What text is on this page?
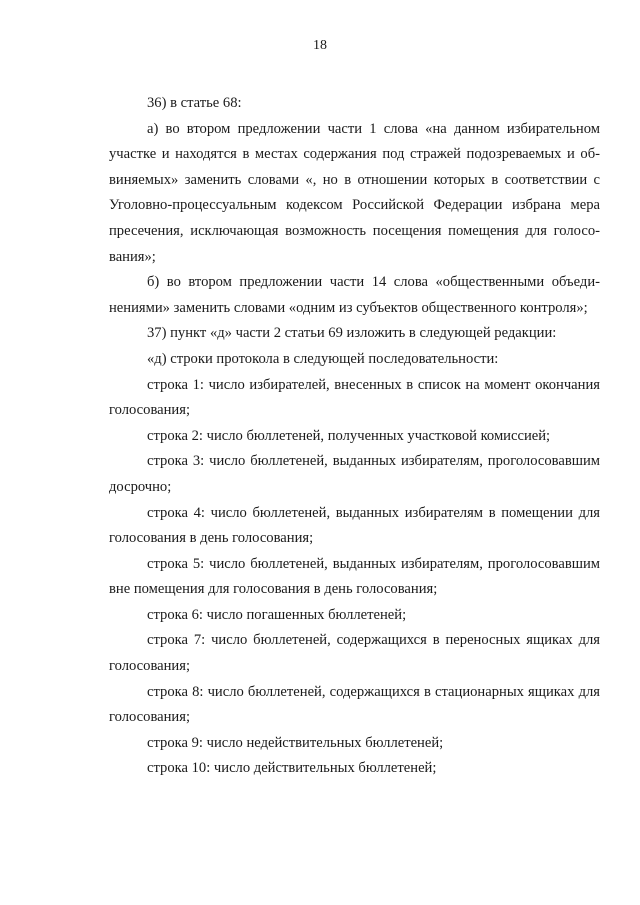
18

36) в статье 68:

а) во втором предложении части 1 слова «на данном избирательном участке и находятся в местах содержания под стражей подозреваемых и обвиняемых» заменить словами «, но в отношении которых в соответствии с Уголовно-процессуальным кодексом Российской Федерации избрана мера пресечения, исключающая возможность посещения помещения для голосования»;

б) во втором предложении части 14 слова «общественными объединениями» заменить словами «одним из субъектов общественного контроля»;

37) пункт «д» части 2 статьи 69 изложить в следующей редакции:

«д) строки протокола в следующей последовательности:

строка 1: число избирателей, внесенных в список на момент окончания голосования;

строка 2: число бюллетеней, полученных участковой комиссией;

строка 3: число бюллетеней, выданных избирателям, проголосовавшим досрочно;

строка 4: число бюллетеней, выданных избирателям в помещении для голосования в день голосования;

строка 5: число бюллетеней, выданных избирателям, проголосовавшим вне помещения для голосования в день голосования;

строка 6: число погашенных бюллетеней;

строка 7: число бюллетеней, содержащихся в переносных ящиках для голосования;

строка 8: число бюллетеней, содержащихся в стационарных ящиках для голосования;

строка 9: число недействительных бюллетеней;

строка 10: число действительных бюллетеней;
